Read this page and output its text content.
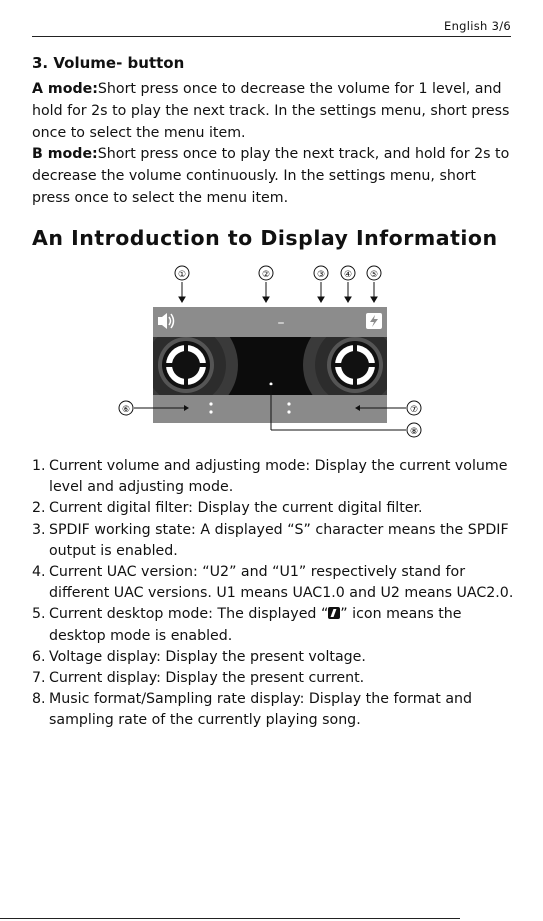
English 3/6
3. Volume- button

A mode:Short press once to decrease the volume for 1 level, and hold for 2s to play the next track. In the settings menu, short press once to select the menu item.

B mode:Short press once to play the next track, and hold for 2s to decrease the volume continuously. In the settings menu, short press once to select the menu item.

An Introduction to Display Information
①	②	③ ④ ⑤
–
⑥	⑦
⑧
1. Current volume and adjusting mode: Display the current volume level and adjusting mode.
2. Current digital filter: Display the current digital filter.
3. SPDIF working state: A displayed “S” character means the SPDIF output is enabled.
4. Current UAC version: “U2” and “U1” respectively stand for different UAC versions. U1 means UAC1.0 and U2 means UAC2.0.
5. Current desktop mode: The displayed “ ” icon means the desktop mode is enabled.
6. Voltage display: Display the present voltage.
7. Current display: Display the present current.
8. Music format/Sampling rate display: Display the format and sampling rate of the currently playing song.
